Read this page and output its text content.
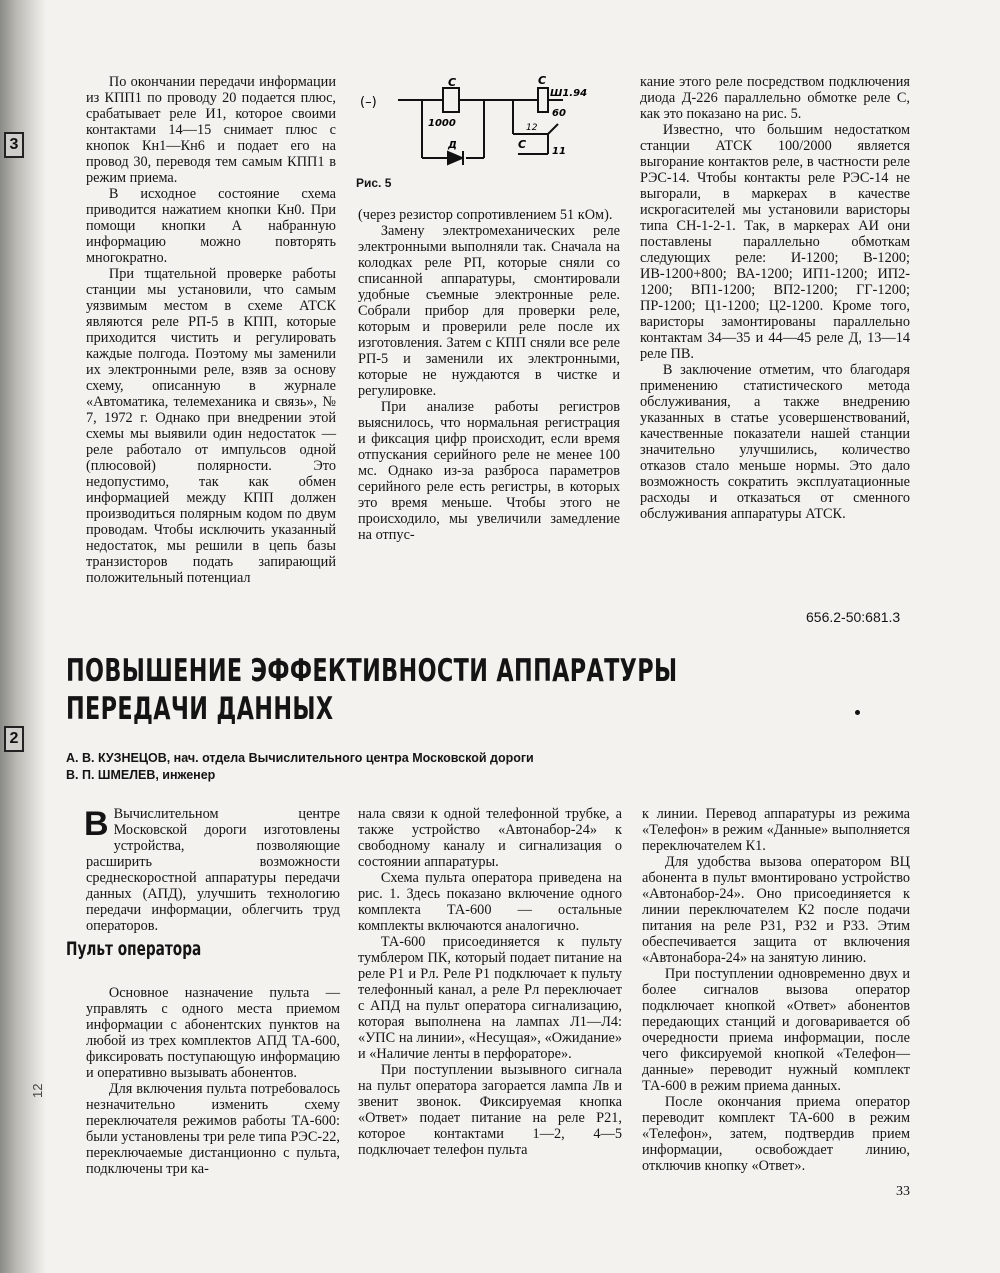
3
2
12

По окончании передачи информации из КПП1 по проводу 20 подается плюс, срабатывает реле И1, которое своими контактами 14—15 снимает плюс с кнопок Кн1—Кн6 и подает его на провод 30, переводя тем самым КПП1 в режим приема.

В исходное состояние схема приводится нажатием кнопки Кн0. При помощи кнопки А набранную информацию можно повторять многократно.

При тщательной проверке работы станции мы установили, что самым уязвимым местом в схеме АТСК являются реле РП-5 в КПП, которые приходится чистить и регулировать каждые полгода. Поэтому мы заменили их электронными реле, взяв за основу схему, описанную в журнале «Автоматика, телемеханика и связь», № 7, 1972 г. Однако при внедрении этой схемы мы выявили один недостаток — реле работало от импульсов одной (плюсовой) полярности. Это недопустимо, так как обмен информацией между КПП должен производиться полярным кодом по двум проводам. Чтобы исключить указанный недостаток, мы решили в цепь базы транзисторов подать запирающий положительный потенциал

(–)
С
1000
Д
С
Ш1.94
60
12
С
11
Рис. 5

(через резистор сопротивлением 51 кОм).

Замену электромеханических реле электронными выполняли так. Сначала на колодках реле РП, которые сняли со списанной аппаратуры, смонтировали удобные съемные электронные реле. Собрали прибор для проверки реле, которым и проверили реле после их изготовления. Затем с КПП сняли все реле РП-5 и заменили их электронными, которые не нуждаются в чистке и регулировке.

При анализе работы регистров выяснилось, что нормальная регистрация и фиксация цифр происходит, если время отпускания серийного реле не менее 100 мс. Однако из-за разброса параметров серийного реле есть регистры, в которых это время меньше. Чтобы этого не происходило, мы увеличили замедление на отпус-

кание этого реле посредством подключения диода Д-226 параллельно обмотке реле С, как это показано на рис. 5.

Известно, что большим недостатком станции АТСК 100/2000 является выгорание контактов реле, в частности реле РЭС-14. Чтобы контакты реле РЭС-14 не выгорали, в маркерах в качестве искрогасителей мы установили варисторы типа СН-1-2-1. Так, в маркерах АИ они поставлены параллельно обмоткам следующих реле: И-1200; В-1200; ИВ-1200+800; ВА-1200; ИП1-1200; ИП2-1200; ВП1-1200; ВП2-1200; ГГ-1200; ПР-1200; Ц1-1200; Ц2-1200. Кроме того, варисторы замонтированы параллельно контактам 34—35 и 44—45 реле Д, 13—14 реле ПВ.

В заключение отметим, что благодаря применению статистического метода обслуживания, а также внедрению указанных в статье усовершенствований, качественные показатели нашей станции значительно улучшились, количество отказов стало меньше нормы. Это дало возможность сократить эксплуатационные расходы и отказаться от сменного обслуживания аппаратуры АТСК.

656.2-50:681.3
ПОВЫШЕНИЕ ЭФФЕКТИВНОСТИ АППАРАТУРЫ
ПЕРЕДАЧИ ДАННЫХ
А. В. КУЗНЕЦОВ, нач. отдела Вычислительного центра Московской дороги
В. П. ШМЕЛЕВ, инженер

В Вычислительном центре Московской дороги изготовлены устройства, позволяющие расширить возможности среднескоростной аппаратуры передачи данных (АПД), улучшить технологию передачи информации, облегчить труд операторов.

Пульт оператора

Основное назначение пульта — управлять с одного места приемом информации с абонентских пунктов на любой из трех комплектов АПД ТА-600, фиксировать поступающую информацию и оперативно вызывать абонентов.

Для включения пульта потребовалось незначительно изменить схему переключателя режимов работы ТА-600: были установлены три реле типа РЭС-22, переключаемые дистанционно с пульта, подключены три ка-

нала связи к одной телефонной трубке, а также устройство «Автонабор-24» к свободному каналу и сигнализация о состоянии аппаратуры.

Схема пульта оператора приведена на рис. 1. Здесь показано включение одного комплекта ТА-600 — остальные комплекты включаются аналогично.

ТА-600 присоединяется к пульту тумблером ПК, который подает питание на реле Р1 и Рл. Реле Р1 подключает к пульту телефонный канал, а реле Рл переключает с АПД на пульт оператора сигнализацию, которая выполнена на лампах Л1—Л4: «УПС на линии», «Несущая», «Ожидание» и «Наличие ленты в перфораторе».

При поступлении вызывного сигнала на пульт оператора загорается лампа Лв и звенит звонок. Фиксируемая кнопка «Ответ» подает питание на реле Р21, которое контактами 1—2, 4—5 подключает телефон пульта

к линии. Перевод аппаратуры из режима «Телефон» в режим «Данные» выполняется переключателем К1.

Для удобства вызова оператором ВЦ абонента в пульт вмонтировано устройство «Автонабор-24». Оно присоединяется к линии переключателем К2 после подачи питания на реле Р31, Р32 и Р33. Этим обеспечивается защита от включения «Автонабора-24» на занятую линию.

При поступлении одновременно двух и более сигналов вызова оператор подключает кнопкой «Ответ» абонентов передающих станций и договаривается об очередности приема информации, после чего фиксируемой кнопкой «Телефон—данные» переводит нужный комплект ТА-600 в режим приема данных.

После окончания приема оператор переводит комплект ТА-600 в режим «Телефон», затем, подтвердив прием информации, освобождает линию, отключив кнопку «Ответ».

33
